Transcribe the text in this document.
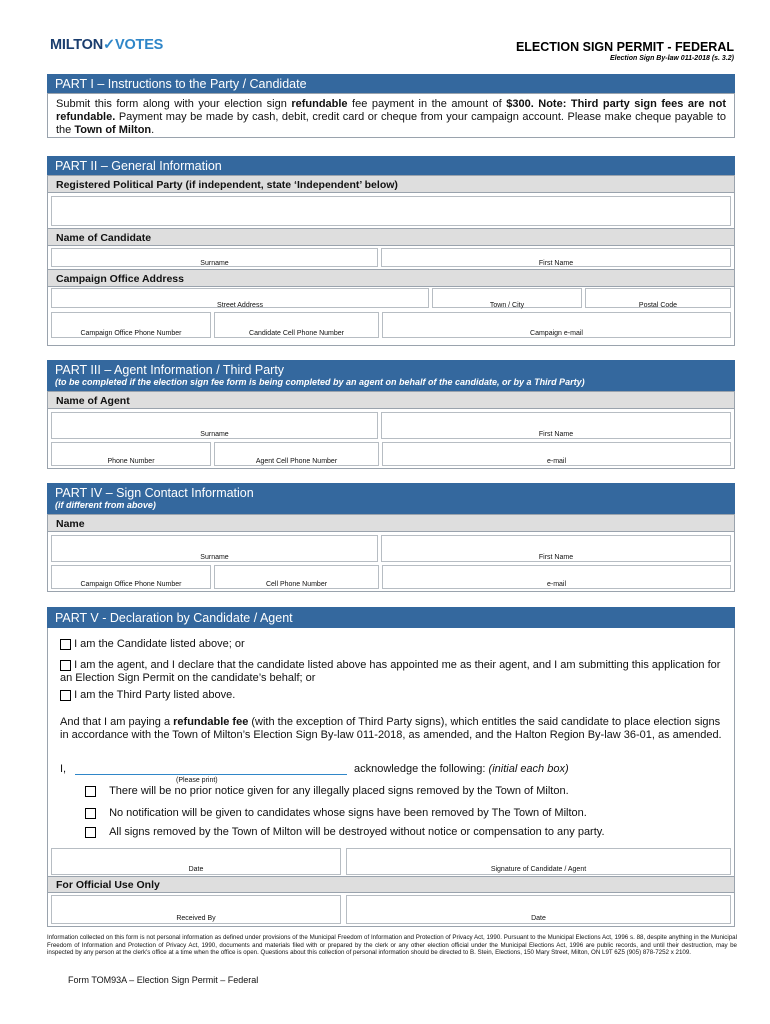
MILTON✓VOTES	ELECTION SIGN PERMIT - FEDERAL
Election Sign By-law 011-2018 (s. 3.2)
PART I – Instructions to the Party / Candidate
Submit this form along with your election sign refundable fee payment in the amount of $300. Note: Third party sign fees are not refundable. Payment may be made by cash, debit, credit card or cheque from your campaign account. Please make cheque payable to the Town of Milton.
PART II – General Information
Registered Political Party (if independent, state ‘Independent’ below)
Name of Candidate
Surname	First Name
Campaign Office Address
Street Address	Town / City	Postal Code
Campaign Office Phone Number	Candidate Cell Phone Number	Campaign e-mail
PART III – Agent Information / Third Party
(to be completed if the election sign fee form is being completed by an agent on behalf of the candidate, or by a Third Party)
Name of Agent
Surname	First Name
Phone Number	Agent Cell Phone Number	e-mail
PART IV – Sign Contact Information
(if different from above)
Name
Surname	First Name
Campaign Office Phone Number	Cell Phone Number	e-mail
PART V - Declaration by Candidate / Agent
I am the Candidate listed above; or
I am the agent, and I declare that the candidate listed above has appointed me as their agent, and I am submitting this application for an Election Sign Permit on the candidate’s behalf; or
I am the Third Party listed above.
And that I am paying a refundable fee (with the exception of Third Party signs), which entitles the said candidate to place election signs in accordance with the Town of Milton’s Election Sign By-law 011-2018, as amended, and the Halton Region By-law 36-01, as amended.
I,
(Please print)
acknowledge the following: (initial each box)
There will be no prior notice given for any illegally placed signs removed by the Town of Milton.
No notification will be given to candidates whose signs have been removed by The Town of Milton.
All signs removed by the Town of Milton will be destroyed without notice or compensation to any party.
Date	Signature of Candidate / Agent
For Official Use Only
Received By	Date
Information collected on this form is not personal information as defined under provisions of the Municipal Freedom of Information and Protection of Privacy Act, 1990. Pursuant to the Municipal Elections Act, 1996 s. 88, despite anything in the Municipal Freedom of Information and Protection of Privacy Act, 1990, documents and materials filed with or prepared by the clerk or any other election official under the Municipal Elections Act, 1996 are public records, and until their destruction, may be inspected by any person at the clerk's office at a time when the office is open. Questions about this collection of personal information should be directed to B. Stein, Elections, 150 Mary Street, Milton, ON L9T 6Z5 (905) 878-7252 x 2109.
Form TOM93A – Election Sign Permit – Federal
